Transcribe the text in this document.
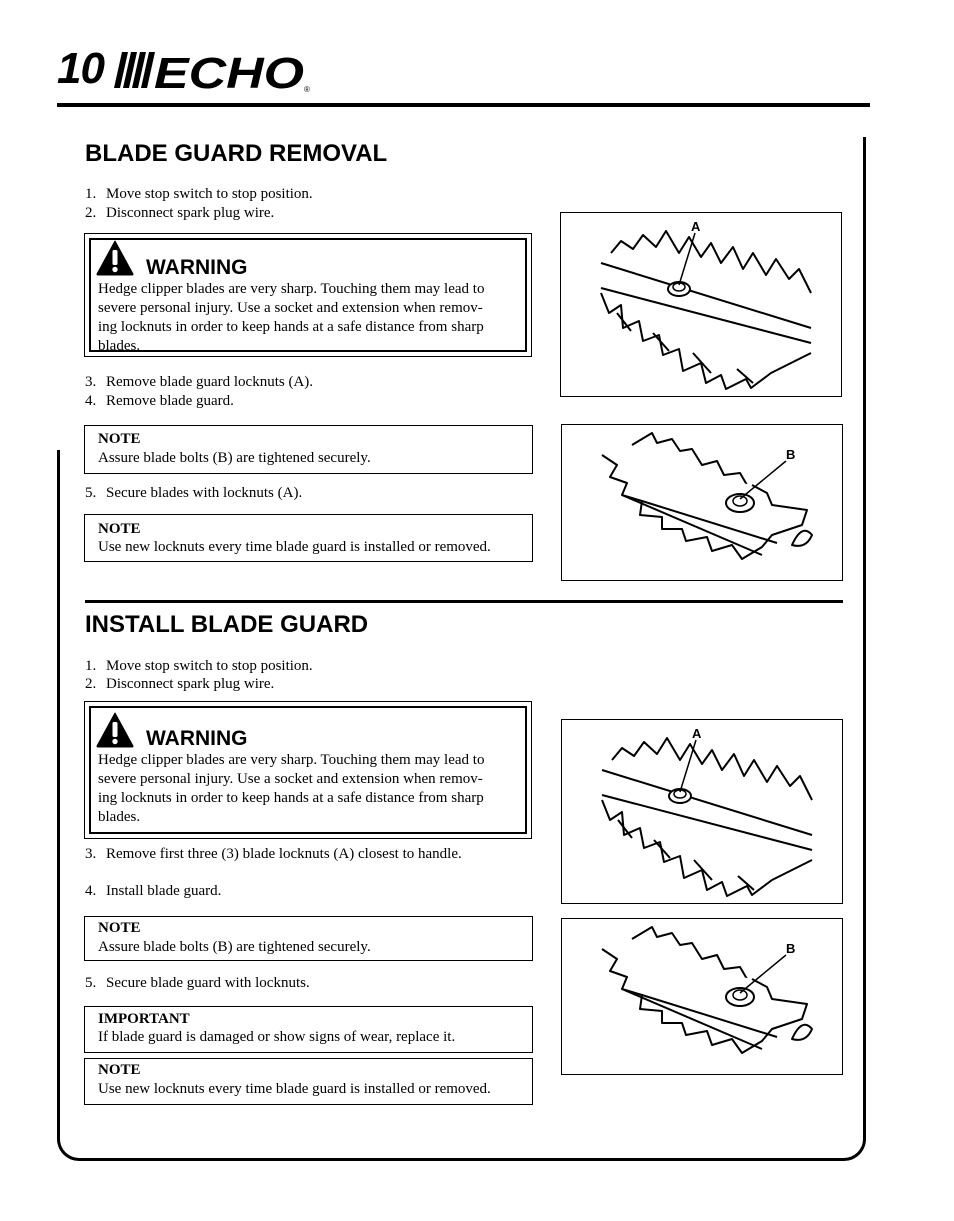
10 ECHO ®
BLADE GUARD REMOVAL
1. Move stop switch to stop position.
2. Disconnect spark plug wire.
WARNING
Hedge clipper blades are very sharp. Touching them may lead to
severe personal injury. Use a socket and extension when remov-
ing locknuts in order to keep hands at a safe distance from sharp
blades.
3. Remove blade guard locknuts (A).
4. Remove blade guard.
NOTE
Assure blade bolts (B) are tightened securely.
5. Secure blades with locknuts (A).
NOTE
Use new locknuts every time blade guard is installed or removed.
A
B
INSTALL BLADE GUARD
1. Move stop switch to stop position.
2. Disconnect spark plug wire.
WARNING
Hedge clipper blades are very sharp. Touching them may lead to
severe personal injury. Use a socket and extension when remov-
ing locknuts in order to keep hands at a safe distance from sharp
blades.
3. Remove first three (3) blade locknuts (A) closest to handle.
4. Install blade guard.
NOTE
Assure blade bolts (B) are tightened securely.
5. Secure blade guard with locknuts.
IMPORTANT
If blade guard is damaged or show signs of wear, replace it.
NOTE
Use new locknuts every time blade guard is installed or removed.
A
B
